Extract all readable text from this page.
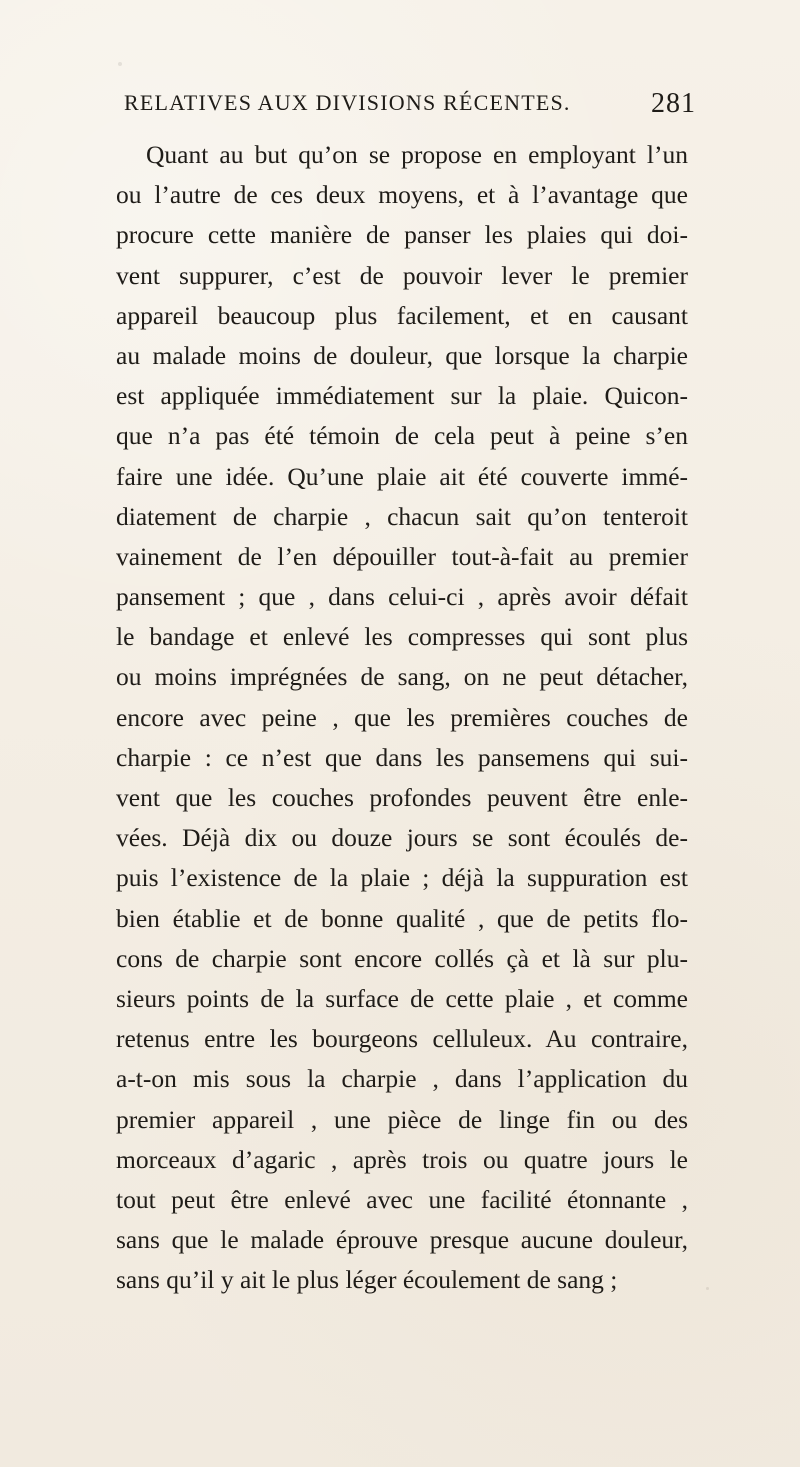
RELATIVES AUX DIVISIONS RÉCENTES.	281
Quant au but qu’on se propose en employant l’un
ou l’autre de ces deux moyens, et à l’avantage que
procure cette manière de panser les plaies qui doi-
vent suppurer, c’est de pouvoir lever le premier
appareil beaucoup plus facilement, et en causant
au malade moins de douleur, que lorsque la charpie
est appliquée immédiatement sur la plaie. Quicon-
que n’a pas été témoin de cela peut à peine s’en
faire une idée. Qu’une plaie ait été couverte immé-
diatement de charpie , chacun sait qu’on tenteroit
vainement de l’en dépouiller tout-à-fait au premier
pansement ; que , dans celui-ci , après avoir défait
le bandage et enlevé les compresses qui sont plus
ou moins imprégnées de sang, on ne peut détacher,
encore avec peine , que les premières couches de
charpie : ce n’est que dans les pansemens qui sui-
vent que les couches profondes peuvent être enle-
vées. Déjà dix ou douze jours se sont écoulés de-
puis l’existence de la plaie ; déjà la suppuration est
bien établie et de bonne qualité , que de petits flo-
cons de charpie sont encore collés çà et là sur plu-
sieurs points de la surface de cette plaie , et comme
retenus entre les bourgeons celluleux. Au contraire,
a-t-on mis sous la charpie , dans l’application du
premier appareil , une pièce de linge fin ou des
morceaux d’agaric , après trois ou quatre jours le
tout peut être enlevé avec une facilité étonnante ,
sans que le malade éprouve presque aucune douleur,
sans qu’il y ait le plus léger écoulement de sang ;
